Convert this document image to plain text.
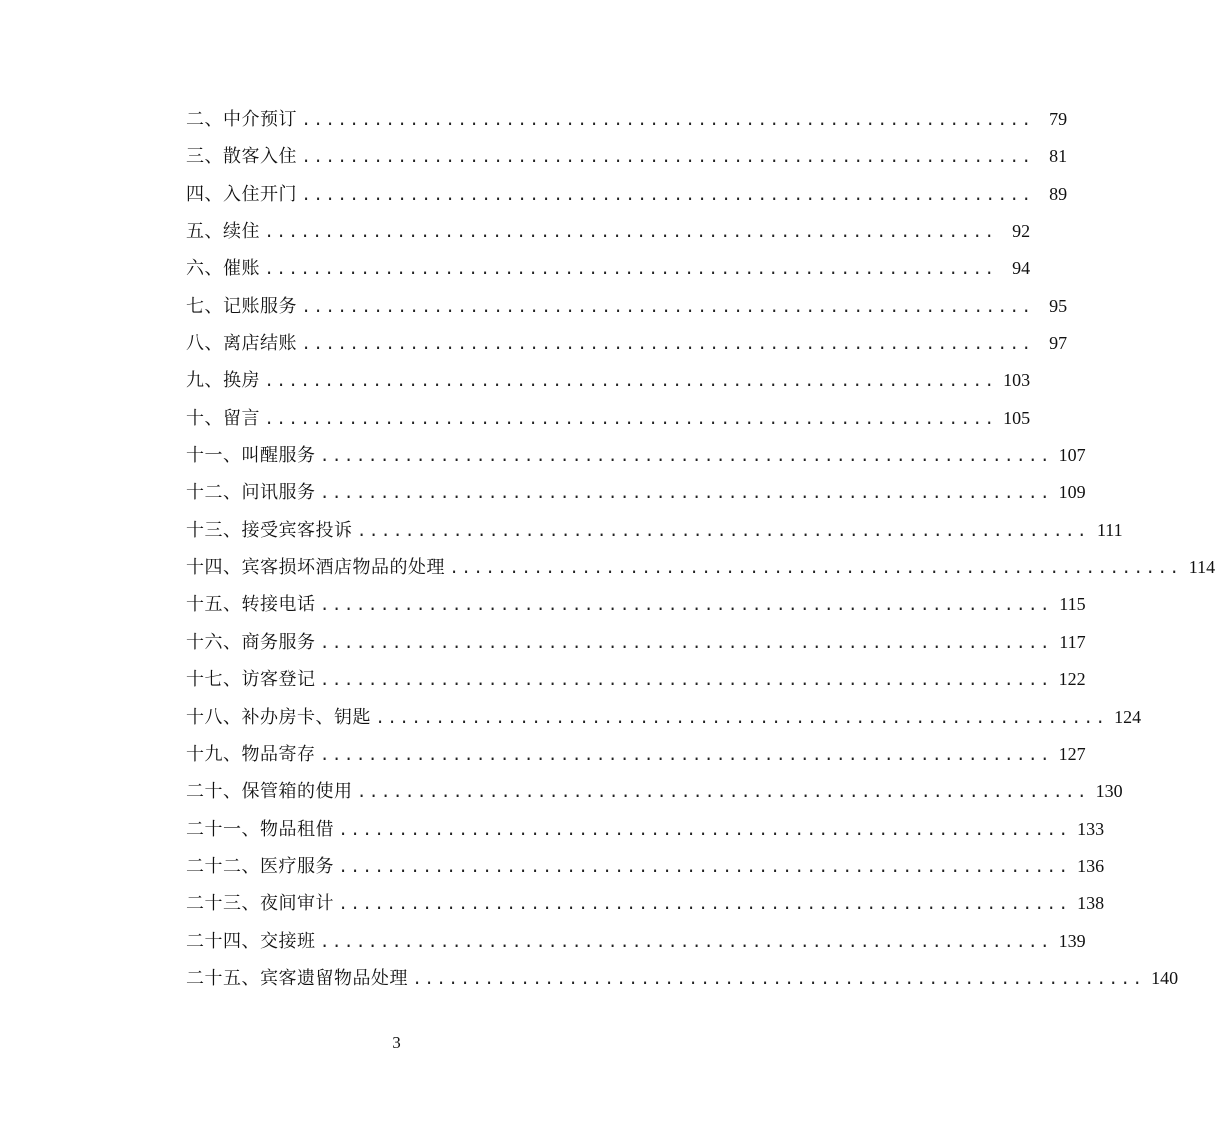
二、中介预订 ............................................................. 79
三、散客入住 ............................................................. 81
四、入住开门 ............................................................. 89
五、续住 ............................................................. 92
六、催账 ............................................................. 94
七、记账服务 ............................................................. 95
八、离店结账 ............................................................. 97
九、换房 ............................................................. 103
十、留言 ............................................................. 105
十一、叫醒服务 ............................................................. 107
十二、问讯服务 ............................................................. 109
十三、接受宾客投诉 ............................................................. 111
十四、宾客损坏酒店物品的处理 ............................................................. 114
十五、转接电话 ............................................................. 115
十六、商务服务 ............................................................. 117
十七、访客登记 ............................................................. 122
十八、补办房卡、钥匙 ............................................................. 124
十九、物品寄存 ............................................................. 127
二十、保管箱的使用 ............................................................. 130
二十一、物品租借 ............................................................. 133
二十二、医疗服务 ............................................................. 136
二十三、夜间审计 ............................................................. 138
二十四、交接班 ............................................................. 139
二十五、宾客遗留物品处理 ............................................................. 140
3
